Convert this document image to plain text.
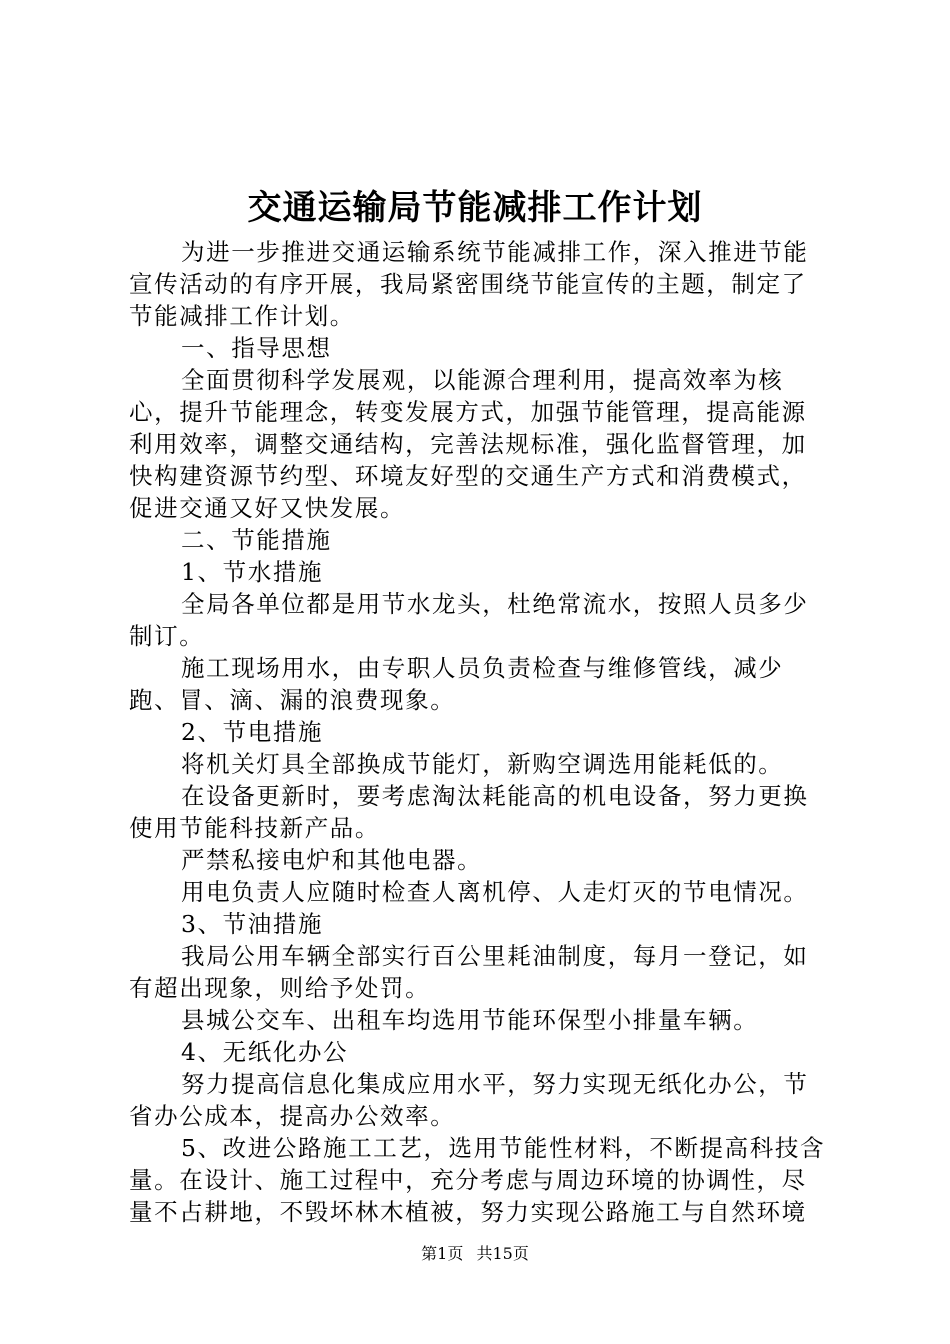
交通运输局节能减排工作计划

为进一步推进交通运输系统节能减排工作，深入推进节能宣传活动的有序开展，我局紧密围绕节能宣传的主题，制定了节能减排工作计划。

一、指导思想

全面贯彻科学发展观，以能源合理利用，提高效率为核心，提升节能理念，转变发展方式，加强节能管理，提高能源利用效率，调整交通结构，完善法规标准，强化监督管理，加快构建资源节约型、环境友好型的交通生产方式和消费模式，促进交通又好又快发展。

二、节能措施

1、节水措施

全局各单位都是用节水龙头，杜绝常流水，按照人员多少制订。

施工现场用水，由专职人员负责检查与维修管线，减少跑、冒、滴、漏的浪费现象。

2、节电措施

将机关灯具全部换成节能灯，新购空调选用能耗低的。

在设备更新时，要考虑淘汰耗能高的机电设备，努力更换使用节能科技新产品。

严禁私接电炉和其他电器。

用电负责人应随时检查人离机停、人走灯灭的节电情况。

3、节油措施

我局公用车辆全部实行百公里耗油制度，每月一登记，如有超出现象，则给予处罚。

县城公交车、出租车均选用节能环保型小排量车辆。

4、无纸化办公

努力提高信息化集成应用水平，努力实现无纸化办公，节省办公成本，提高办公效率。

5、改进公路施工工艺，选用节能性材料，不断提高科技含量。在设计、施工过程中，充分考虑与周边环境的协调性，尽量不占耕地，不毁坏林木植被，努力实现公路施工与自然环境

第1页 共15页
